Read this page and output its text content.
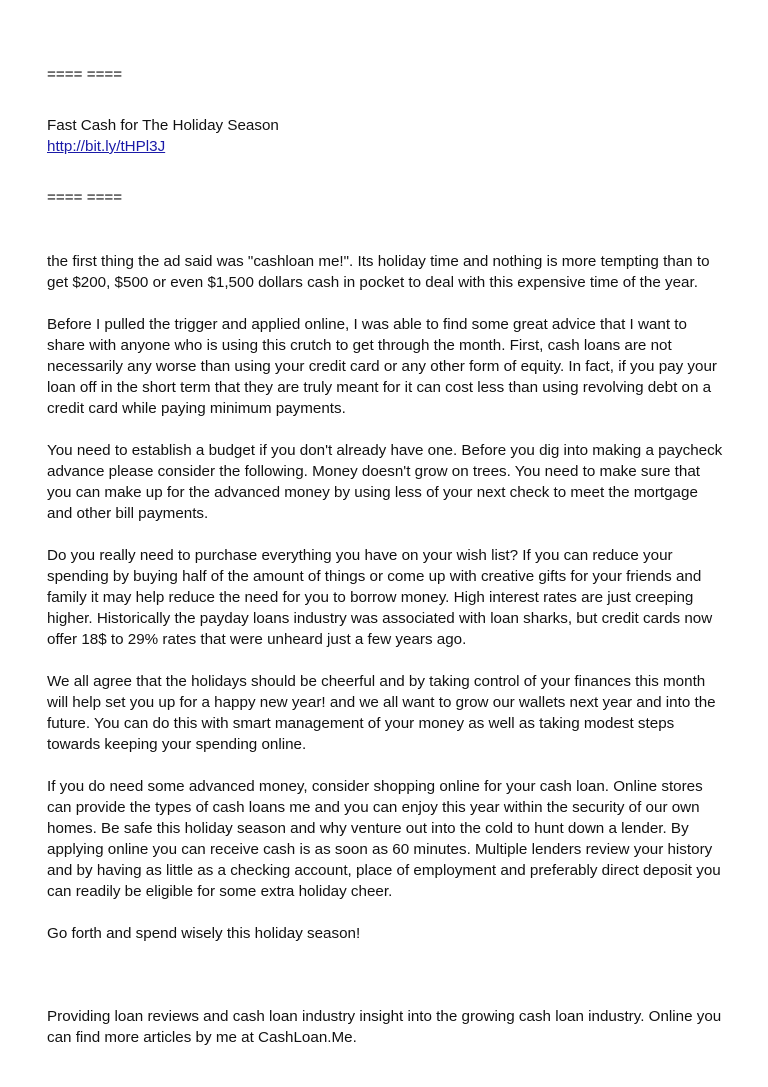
==== ====

Fast Cash for The Holiday Season

http://bit.ly/tHPl3J

==== ====

the first thing the ad said was "cashloan me!". Its holiday time and nothing is more tempting than to get $200, $500 or even $1,500 dollars cash in pocket to deal with this expensive time of the year.

Before I pulled the trigger and applied online, I was able to find some great advice that I want to share with anyone who is using this crutch to get through the month. First, cash loans are not necessarily any worse than using your credit card or any other form of equity. In fact, if you pay your loan off in the short term that they are truly meant for it can cost less than using revolving debt on a credit card while paying minimum payments.

You need to establish a budget if you don't already have one. Before you dig into making a paycheck advance please consider the following. Money doesn't grow on trees. You need to make sure that you can make up for the advanced money by using less of your next check to meet the mortgage and other bill payments.

Do you really need to purchase everything you have on your wish list? If you can reduce your spending by buying half of the amount of things or come up with creative gifts for your friends and family it may help reduce the need for you to borrow money. High interest rates are just creeping higher. Historically the payday loans industry was associated with loan sharks, but credit cards now offer 18$ to 29% rates that were unheard just a few years ago.

We all agree that the holidays should be cheerful and by taking control of your finances this month will help set you up for a happy new year! and we all want to grow our wallets next year and into the future. You can do this with smart management of your money as well as taking modest steps towards keeping your spending online.

If you do need some advanced money, consider shopping online for your cash loan. Online stores can provide the types of cash loans me and you can enjoy this year within the security of our own homes. Be safe this holiday season and why venture out into the cold to hunt down a lender. By applying online you can receive cash is as soon as 60 minutes. Multiple lenders review your history and by having as little as a checking account, place of employment and preferably direct deposit you can readily be eligible for some extra holiday cheer.

Go forth and spend wisely this holiday season!

Providing loan reviews and cash loan industry insight into the growing cash loan industry. Online you can find more articles by me at CashLoan.Me.
